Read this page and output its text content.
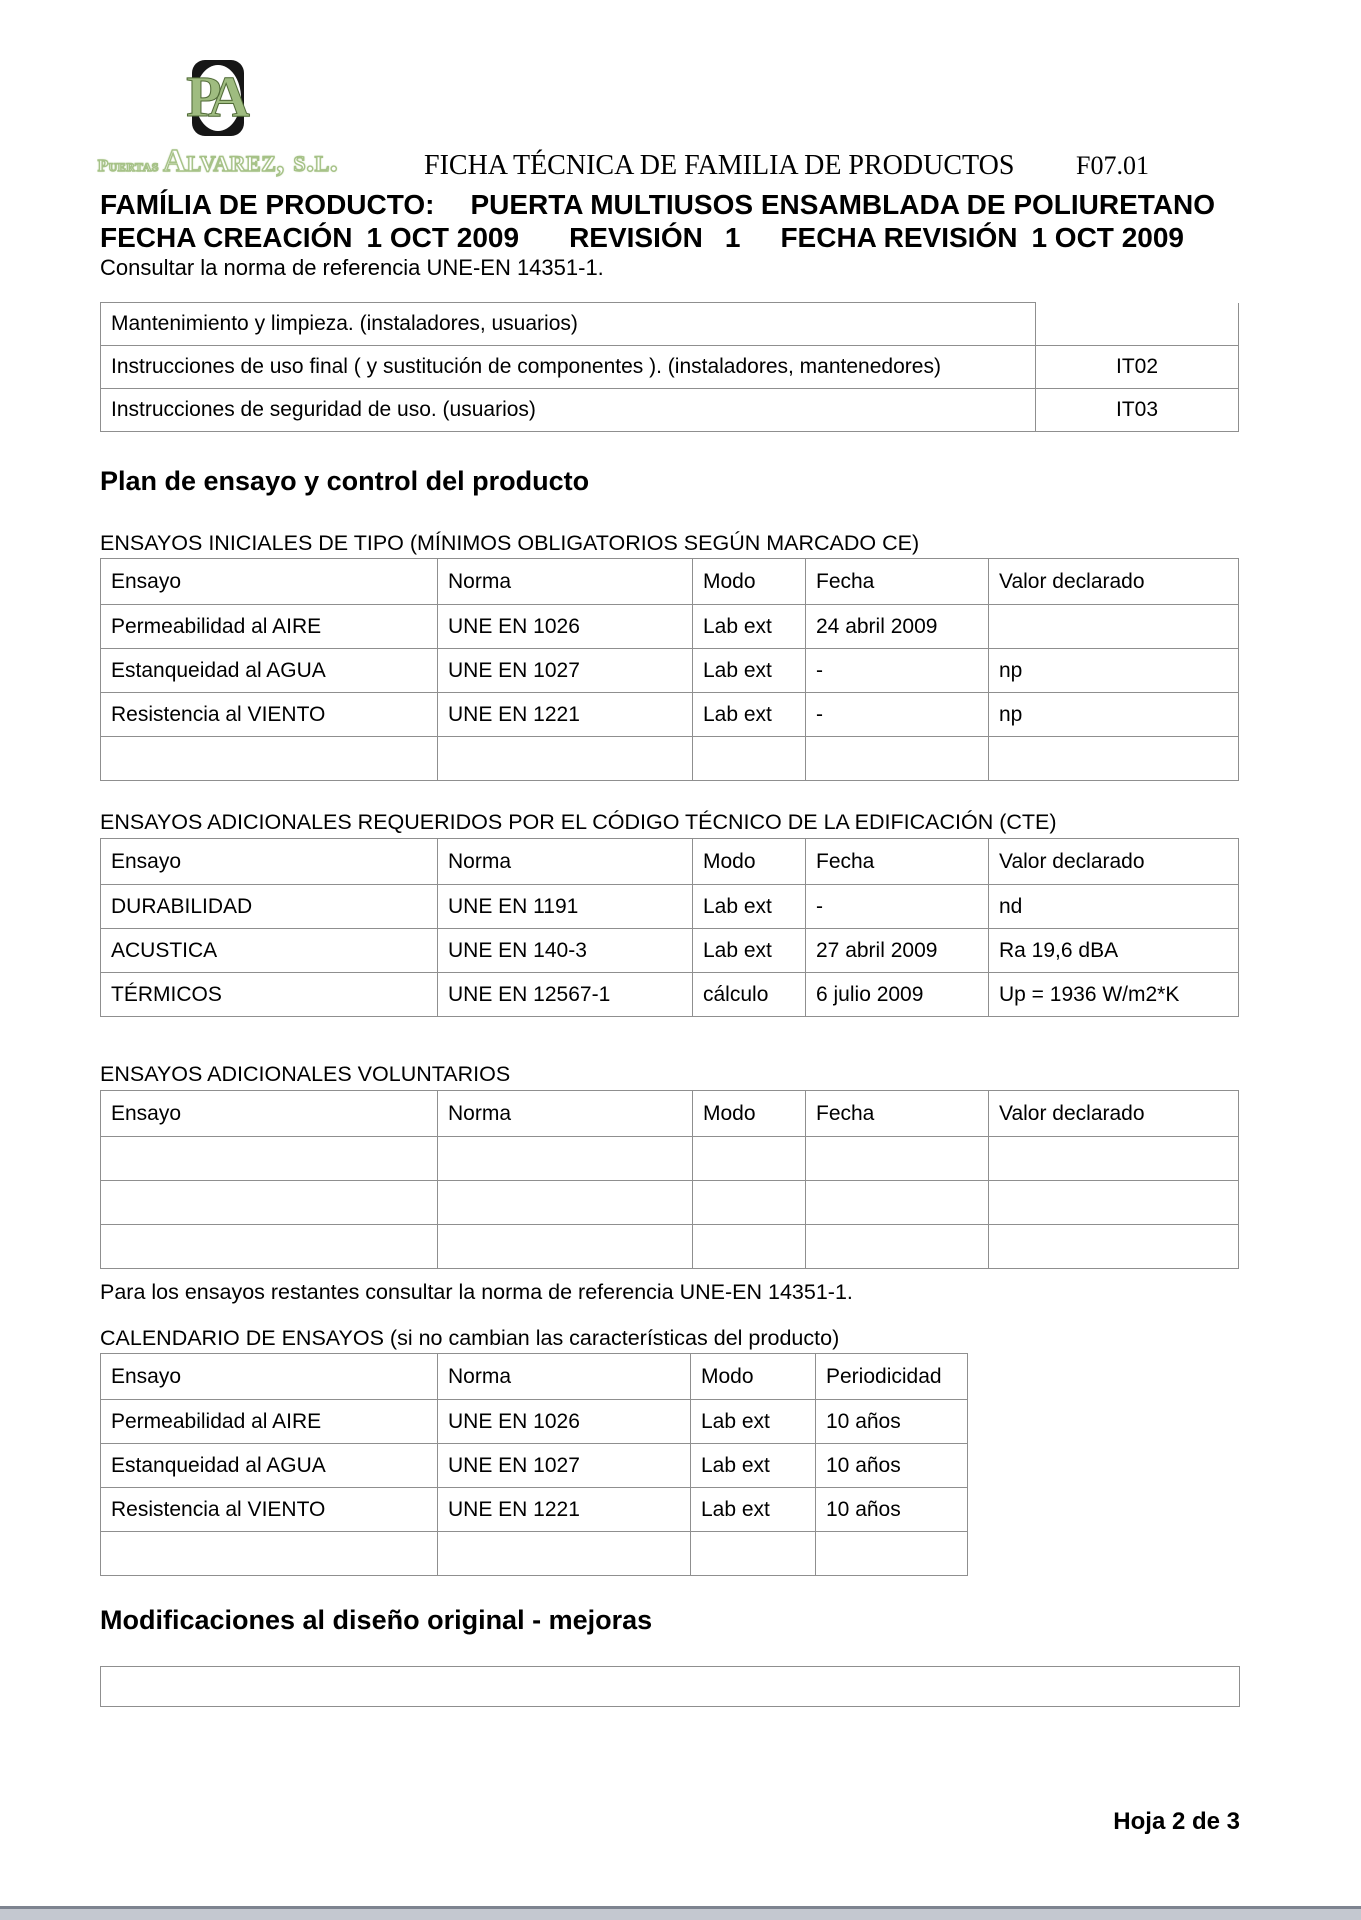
PA
Puertas Alvarez, s.l.	FICHA TÉCNICA DE FAMILIA DE PRODUCTOS F07.01
FAMÍLIA DE PRODUCTO: PUERTA MULTIUSOS ENSAMBLADA DE POLIURETANO
FECHA CREACIÓN 1 OCT 2009 REVISIÓN 1 FECHA REVISIÓN 1 OCT 2009
Consultar la norma de referencia UNE-EN 14351-1.
Mantenimiento y limpieza. (instaladores, usuarios)	
Instrucciones de uso final ( y sustitución de componentes ). (instaladores, mantenedores)	IT02
Instrucciones de seguridad de uso. (usuarios)	IT03
Plan de ensayo y control del producto
ENSAYOS INICIALES DE TIPO (MÍNIMOS OBLIGATORIOS SEGÚN MARCADO CE)
Ensayo	Norma	Modo	Fecha	Valor declarado
Permeabilidad al AIRE	UNE EN 1026	Lab ext	24 abril 2009	
Estanqueidad al AGUA	UNE EN 1027	Lab ext	-	np
Resistencia al VIENTO	UNE EN 1221	Lab ext	-	np

ENSAYOS ADICIONALES REQUERIDOS POR EL CÓDIGO TÉCNICO DE LA EDIFICACIÓN (CTE)
Ensayo	Norma	Modo	Fecha	Valor declarado
DURABILIDAD	UNE EN 1191	Lab ext	-	nd
ACUSTICA	UNE EN 140-3	Lab ext	27 abril 2009	Ra 19,6 dBA
TÉRMICOS	UNE EN 12567-1	cálculo	6 julio 2009	Up = 1936 W/m2*K
ENSAYOS ADICIONALES VOLUNTARIOS
Ensayo	Norma	Modo	Fecha	Valor declarado

Para los ensayos restantes consultar la norma de referencia UNE-EN 14351-1.
CALENDARIO DE ENSAYOS (si no cambian las características del producto)
Ensayo	Norma	Modo	Periodicidad
Permeabilidad al AIRE	UNE EN 1026	Lab ext	10 años
Estanqueidad al AGUA	UNE EN 1027	Lab ext	10 años
Resistencia al VIENTO	UNE EN 1221	Lab ext	10 años

Modificaciones al diseño original - mejoras
Hoja 2 de 3
